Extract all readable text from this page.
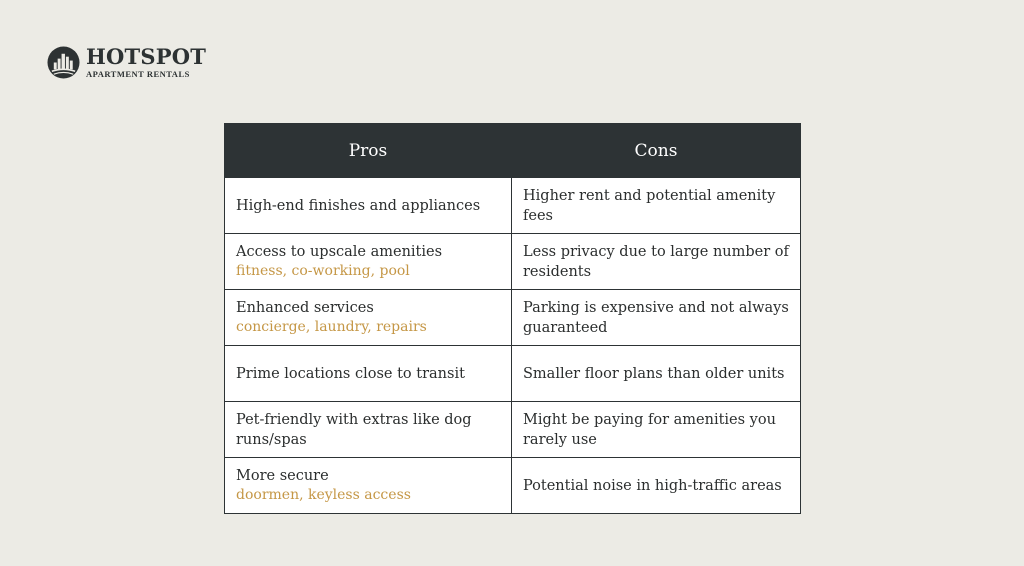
HOTSPOT
APARTMENT RENTALS
Pros	Cons
High-end finishes and appliances	Higher rent and potential amenity fees
Access to upscale amenities
fitness, co-working, pool	Less privacy due to large number of residents
Enhanced services
concierge, laundry, repairs	Parking is expensive and not always guaranteed
Prime locations close to transit	Smaller floor plans than older units
Pet-friendly with extras like dog runs/spas	Might be paying for amenities you rarely use
More secure
doormen, keyless access	Potential noise in high-traffic areas
